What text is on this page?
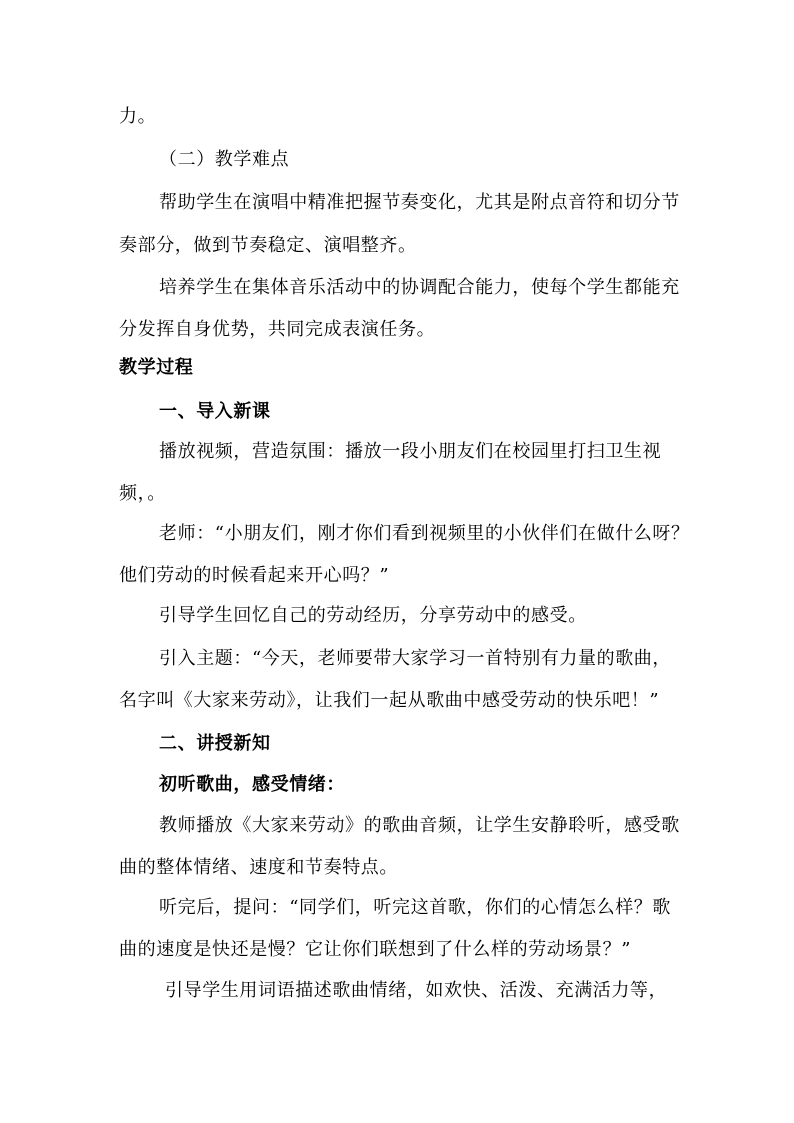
力。
（二）教学难点
帮助学生在演唱中精准把握节奏变化，尤其是附点音符和切分节
奏部分，做到节奏稳定、演唱整齐。
培养学生在集体音乐活动中的协调配合能力，使每个学生都能充
分发挥自身优势，共同完成表演任务。
教学过程
一、导入新课
播放视频，营造氛围：播放一段小朋友们在校园里打扫卫生视
频，。
老师：“小朋友们，刚才你们看到视频里的小伙伴们在做什么呀？
他们劳动的时候看起来开心吗？”
引导学生回忆自己的劳动经历，分享劳动中的感受。
引入主题：“今天，老师要带大家学习一首特别有力量的歌曲，
名字叫《大家来劳动》，让我们一起从歌曲中感受劳动的快乐吧！”
二、讲授新知
初听歌曲，感受情绪：
教师播放《大家来劳动》的歌曲音频，让学生安静聆听，感受歌
曲的整体情绪、速度和节奏特点。
听完后，提问：“同学们，听完这首歌，你们的心情怎么样？歌
曲的速度是快还是慢？它让你们联想到了什么样的劳动场景？”
引导学生用词语描述歌曲情绪，如欢快、活泼、充满活力等，
